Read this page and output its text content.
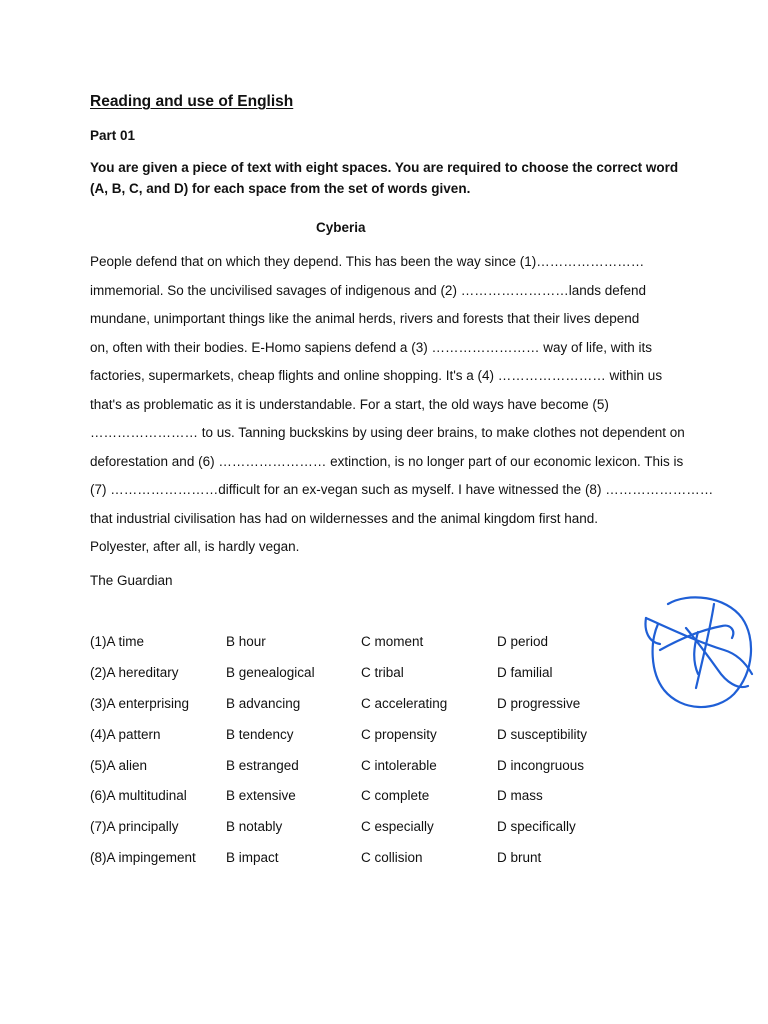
Reading and use of English
Part 01
You are given a piece of text with eight spaces. You are required to choose the correct word
(A, B, C, and D) for each space from the set of words given.
Cyberia
People defend that on which they depend. This has been the way since (1)……………………
immemorial. So the uncivilised savages of indigenous and (2) ……………………lands defend
mundane, unimportant things like the animal herds, rivers and forests that their lives depend
on, often with their bodies. E-Homo sapiens defend a (3) …………………… way of life, with its
factories, supermarkets, cheap flights and online shopping. It's a (4) …………………… within us
that's as problematic as it is understandable. For a start, the old ways have become (5)
…………………… to us. Tanning buckskins by using deer brains, to make clothes not dependent on
deforestation and (6) …………………… extinction, is no longer part of our economic lexicon. This is
(7) ……………………difficult for an ex-vegan such as myself. I have witnessed the (8) ……………………
that industrial civilisation has had on wildernesses and the animal kingdom first hand.
Polyester, after all, is hardly vegan.
The Guardian
(1)A time	B hour	C moment	D period
(2)A hereditary	B genealogical	C tribal	D familial
(3)A enterprising	B advancing	C accelerating	D progressive
(4)A pattern	B tendency	C propensity	D susceptibility
(5)A alien	B estranged	C intolerable	D incongruous
(6)A multitudinal	B extensive	C complete	D mass
(7)A principally	B notably	C especially	D specifically
(8)A impingement	B impact	C collision	D brunt
